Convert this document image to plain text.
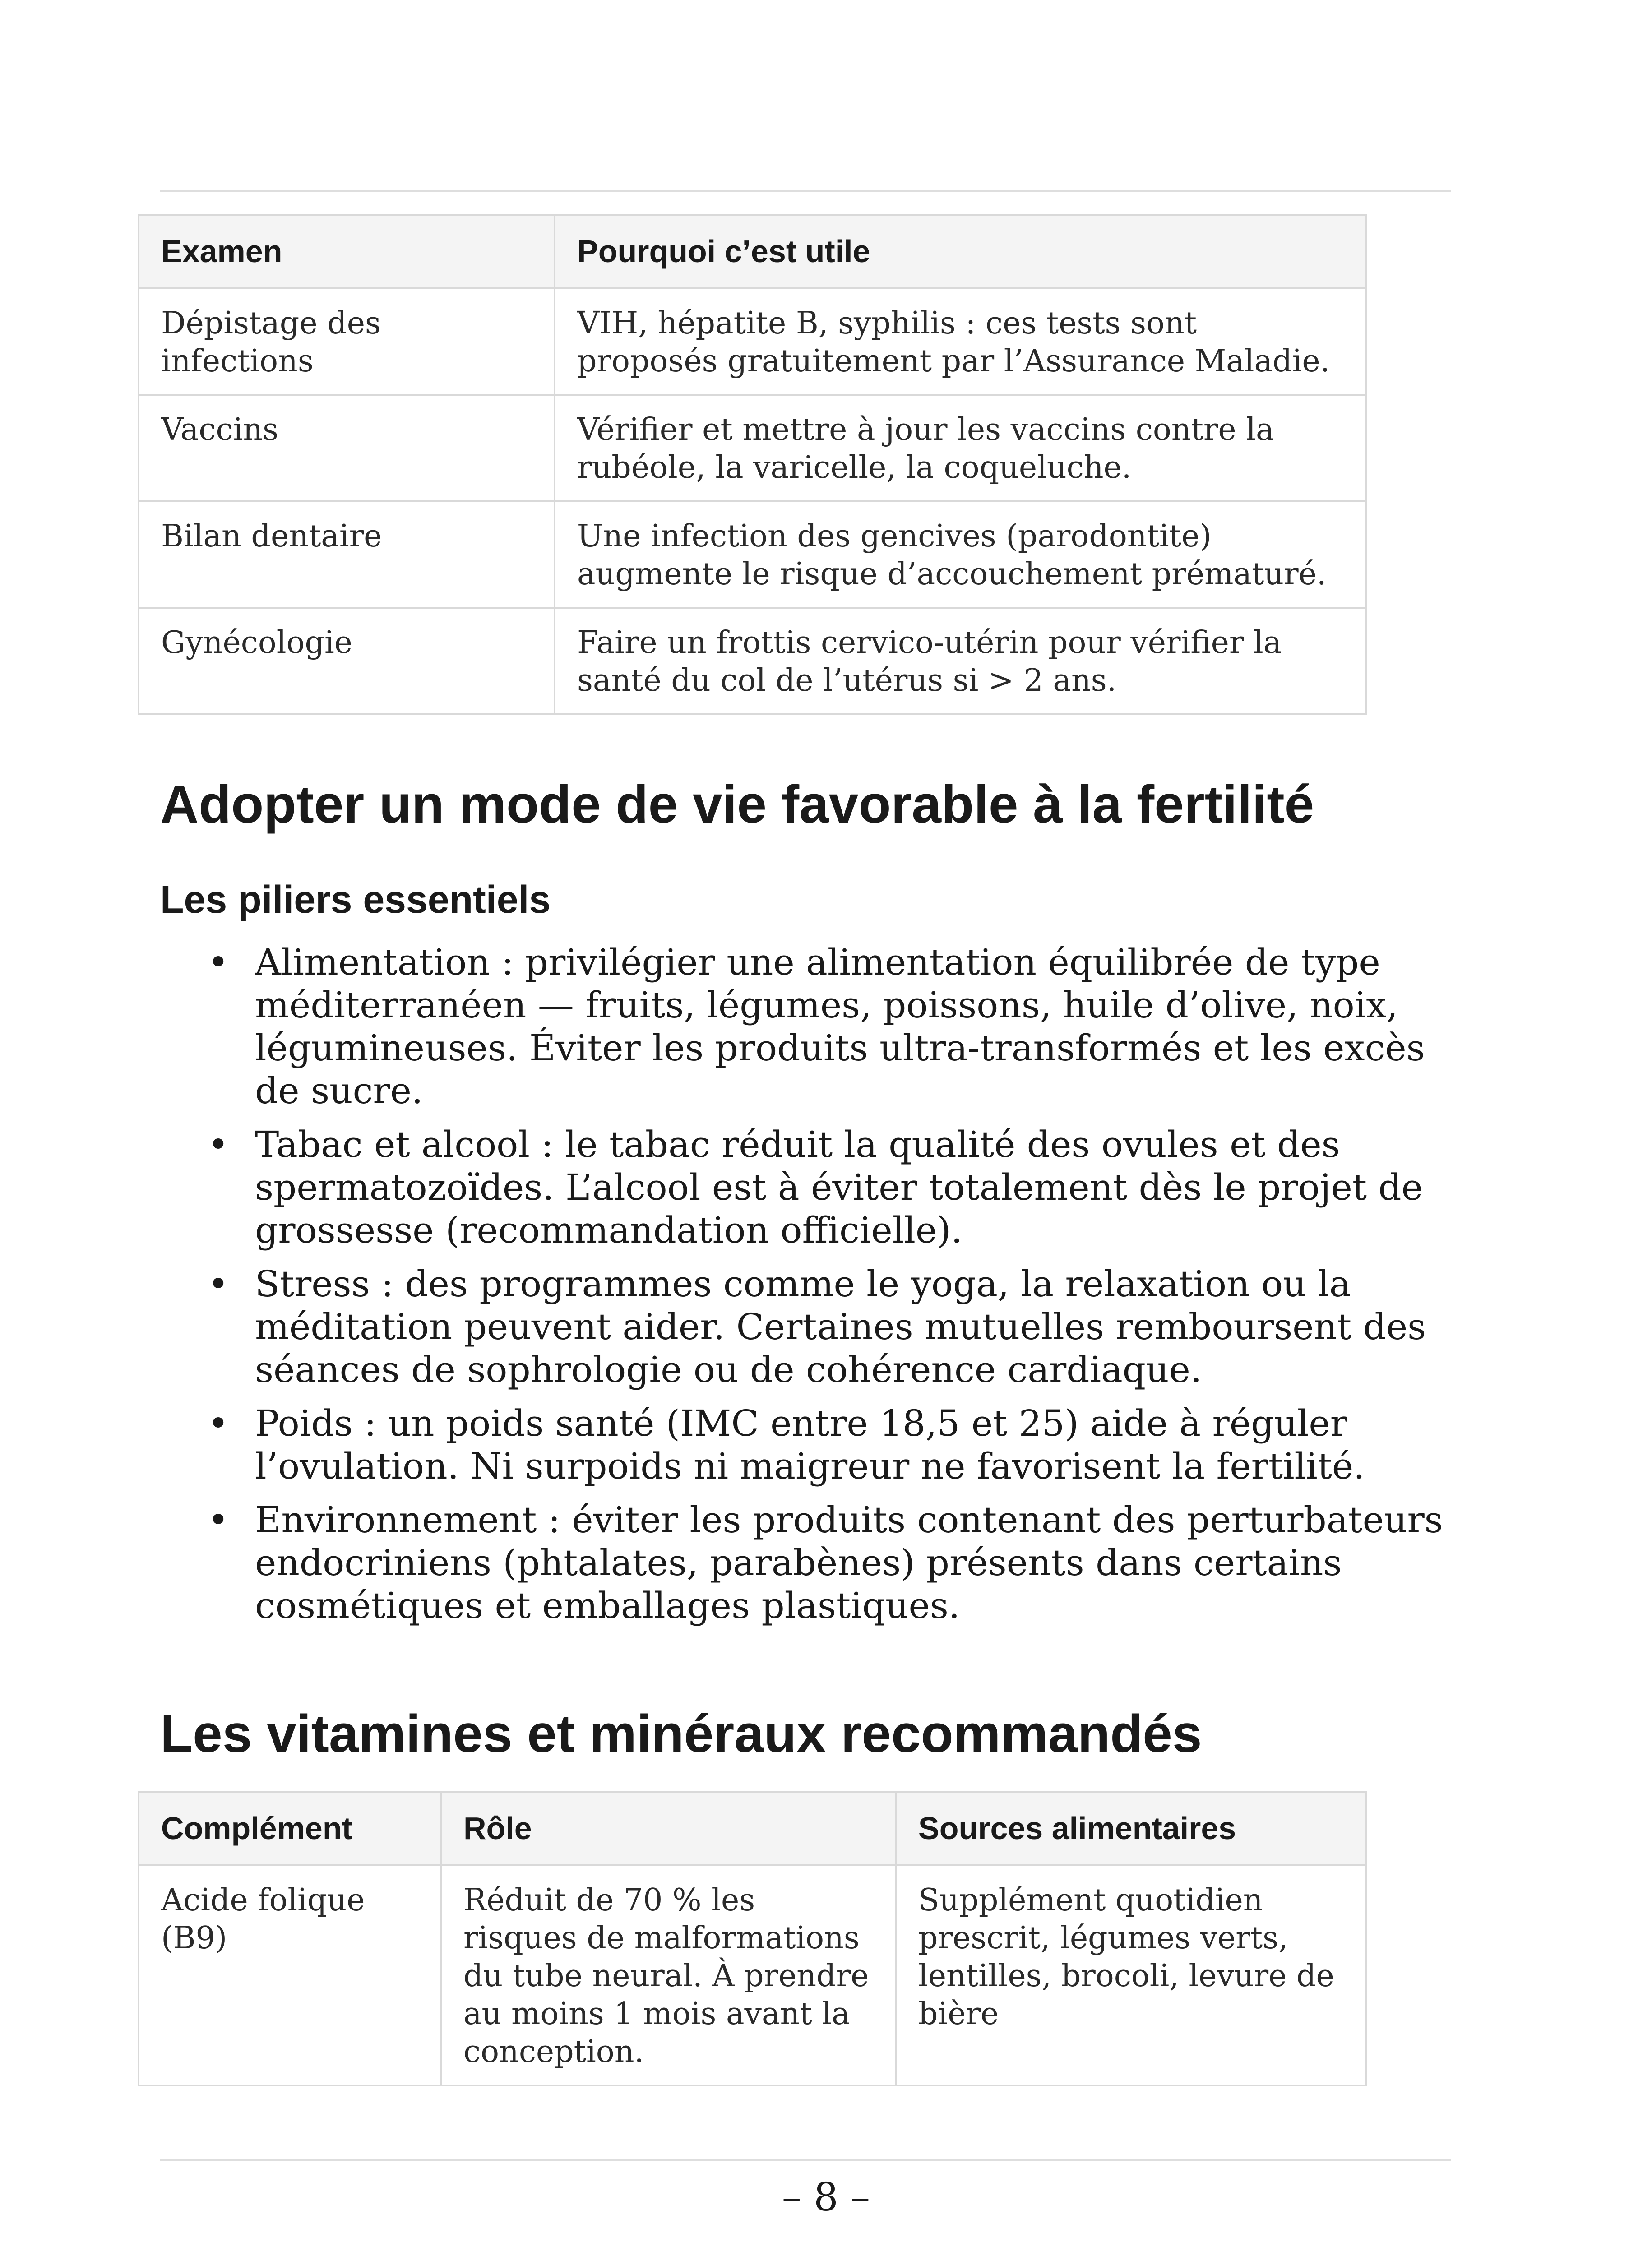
Examen	Pourquoi c’est utile
Dépistage des infections	VIH, hépatite B, syphilis : ces tests sont proposés gratuitement par l’Assurance Maladie.
Vaccins	Vérifier et mettre à jour les vaccins contre la rubéole, la varicelle, la coqueluche.
Bilan dentaire	Une infection des gencives (parodontite) augmente le risque d’accouchement prématuré.
Gynécologie	Faire un frottis cervico-utérin pour vérifier la santé du col de l’utérus si > 2 ans.
Adopter un mode de vie favorable à la fertilité
Les piliers essentiels
• Alimentation : privilégier une alimentation équilibrée de type méditerranéen — fruits, légumes, poissons, huile d’olive, noix, légumineuses. Éviter les produits ultra-transformés et les excès de sucre.
• Tabac et alcool : le tabac réduit la qualité des ovules et des spermatozoïdes. L’alcool est à éviter totalement dès le projet de grossesse (recommandation officielle).
• Stress : des programmes comme le yoga, la relaxation ou la méditation peuvent aider. Certaines mutuelles remboursent des séances de sophrologie ou de cohérence cardiaque.
• Poids : un poids santé (IMC entre 18,5 et 25) aide à réguler l’ovulation. Ni surpoids ni maigreur ne favorisent la fertilité.
• Environnement : éviter les produits contenant des perturbateurs endocriniens (phtalates, parabènes) présents dans certains cosmétiques et emballages plastiques.
Les vitamines et minéraux recommandés
Complément	Rôle	Sources alimentaires
Acide folique (B9)	Réduit de 70 % les risques de malformations du tube neural. À prendre au moins 1 mois avant la conception.	Supplément quotidien prescrit, légumes verts, lentilles, brocoli, levure de bière
– 8 –
